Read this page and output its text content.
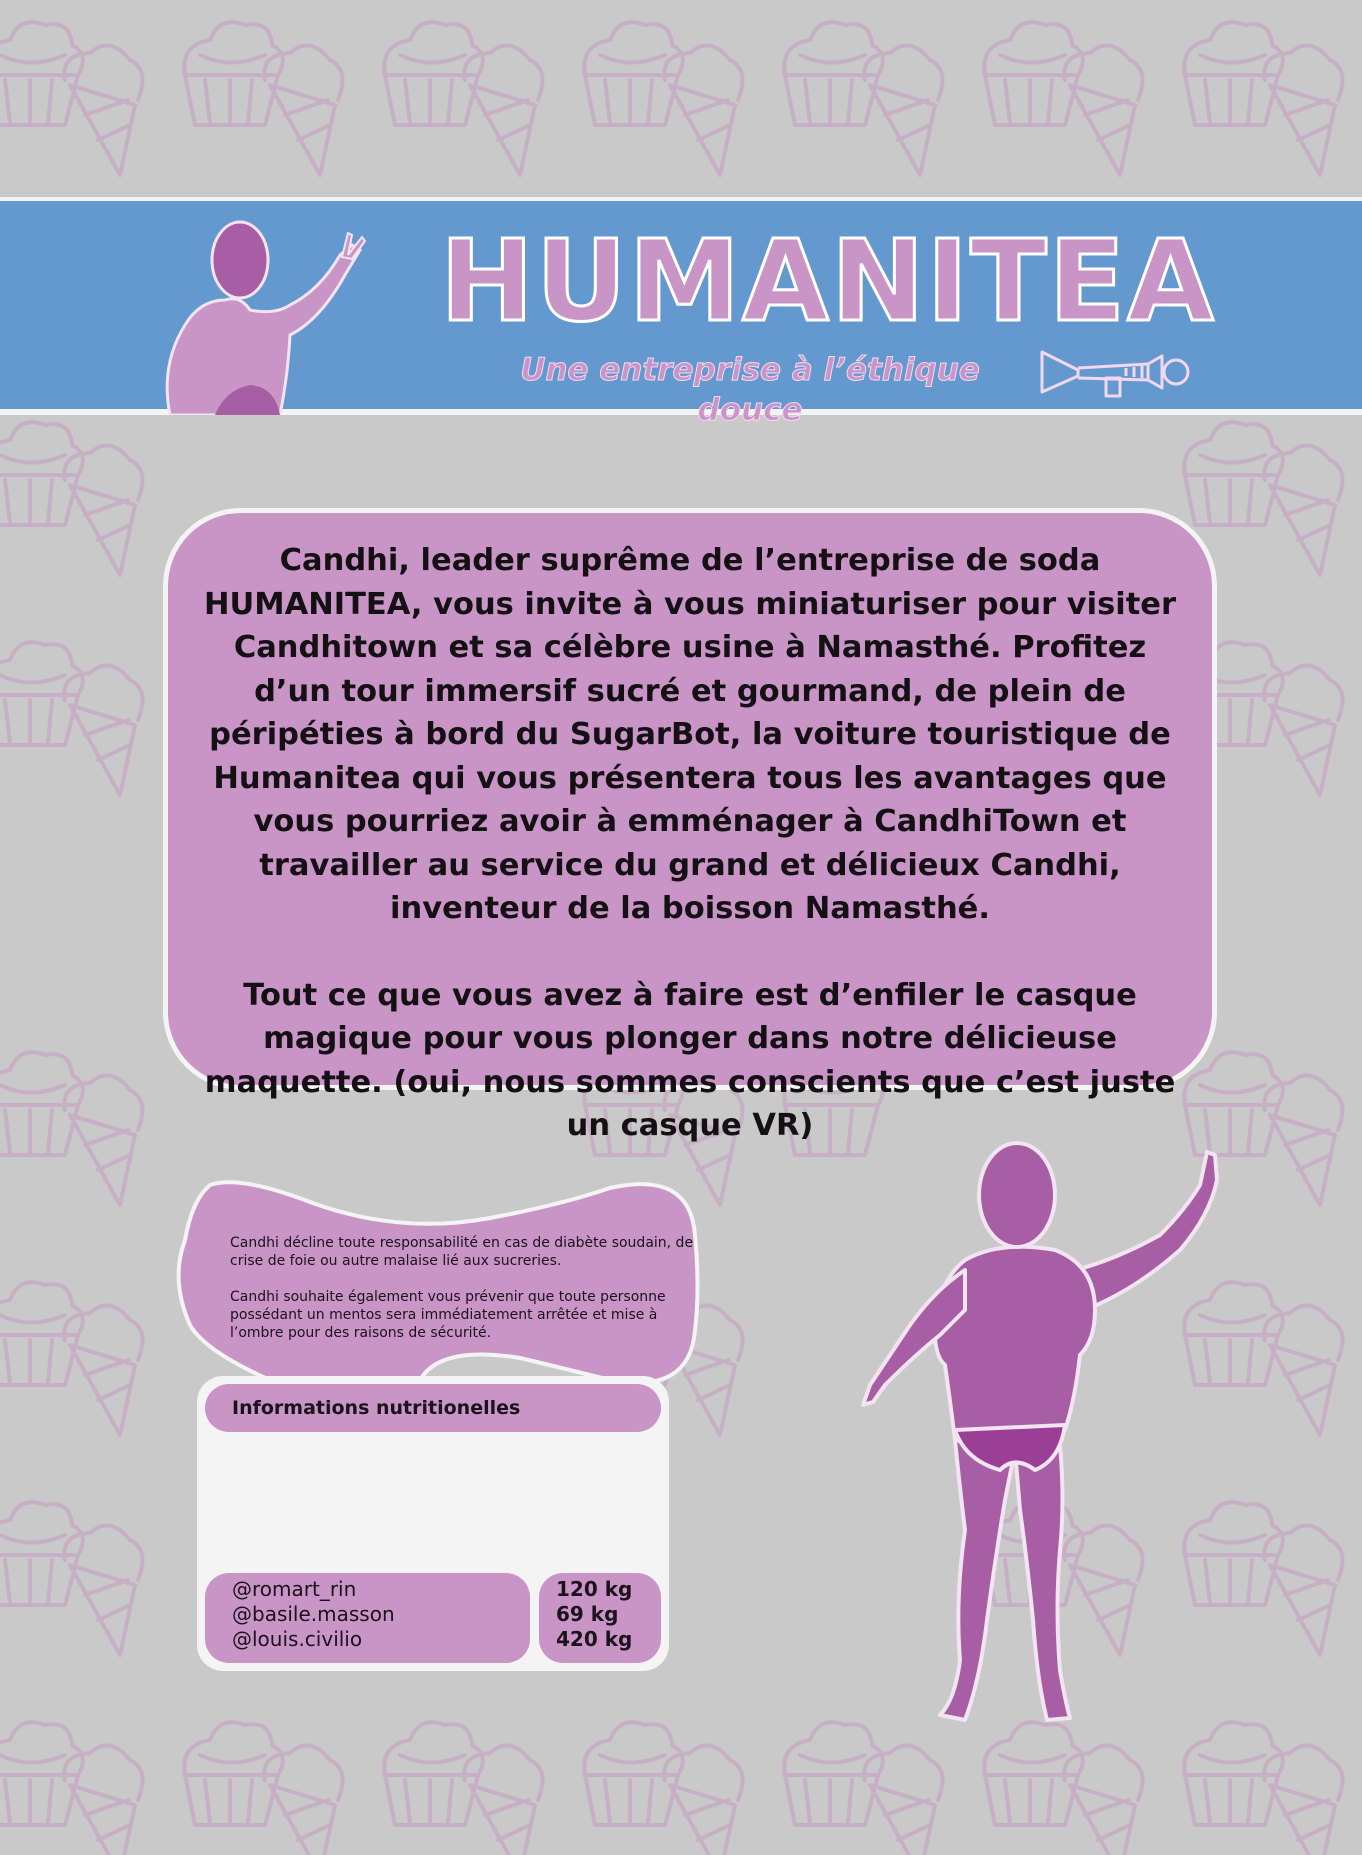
HUMANITEA
Une entreprise à l’éthique douce

Candhi, leader suprême de l’entreprise de soda HUMANITEA, vous invite à vous miniaturiser pour visiter Candhitown et sa célèbre usine à Namasthé. Profitez d’un tour immersif sucré et gourmand, de plein de péripéties à bord du SugarBot, la voiture touristique de Humanitea qui vous présentera tous les avantages que vous pourriez avoir à emménager à CandhiTown et travailler au service du grand et délicieux Candhi, inventeur de la boisson Namasthé.

Tout ce que vous avez à faire est d’enfiler le casque magique pour vous plonger dans notre délicieuse maquette. (oui, nous sommes conscients que c’est juste un casque VR)

Candhi décline toute responsabilité en cas de diabète soudain, de crise de foie ou autre malaise lié aux sucreries.

Candhi souhaite également vous prévenir que toute personne possédant un mentos sera immédiatement arrêtée et mise à l’ombre pour des raisons de sécurité.

Informations nutritionelles
@romart_rin
@basile.masson
@louis.civilio
120 kg
69 kg
420 kg
